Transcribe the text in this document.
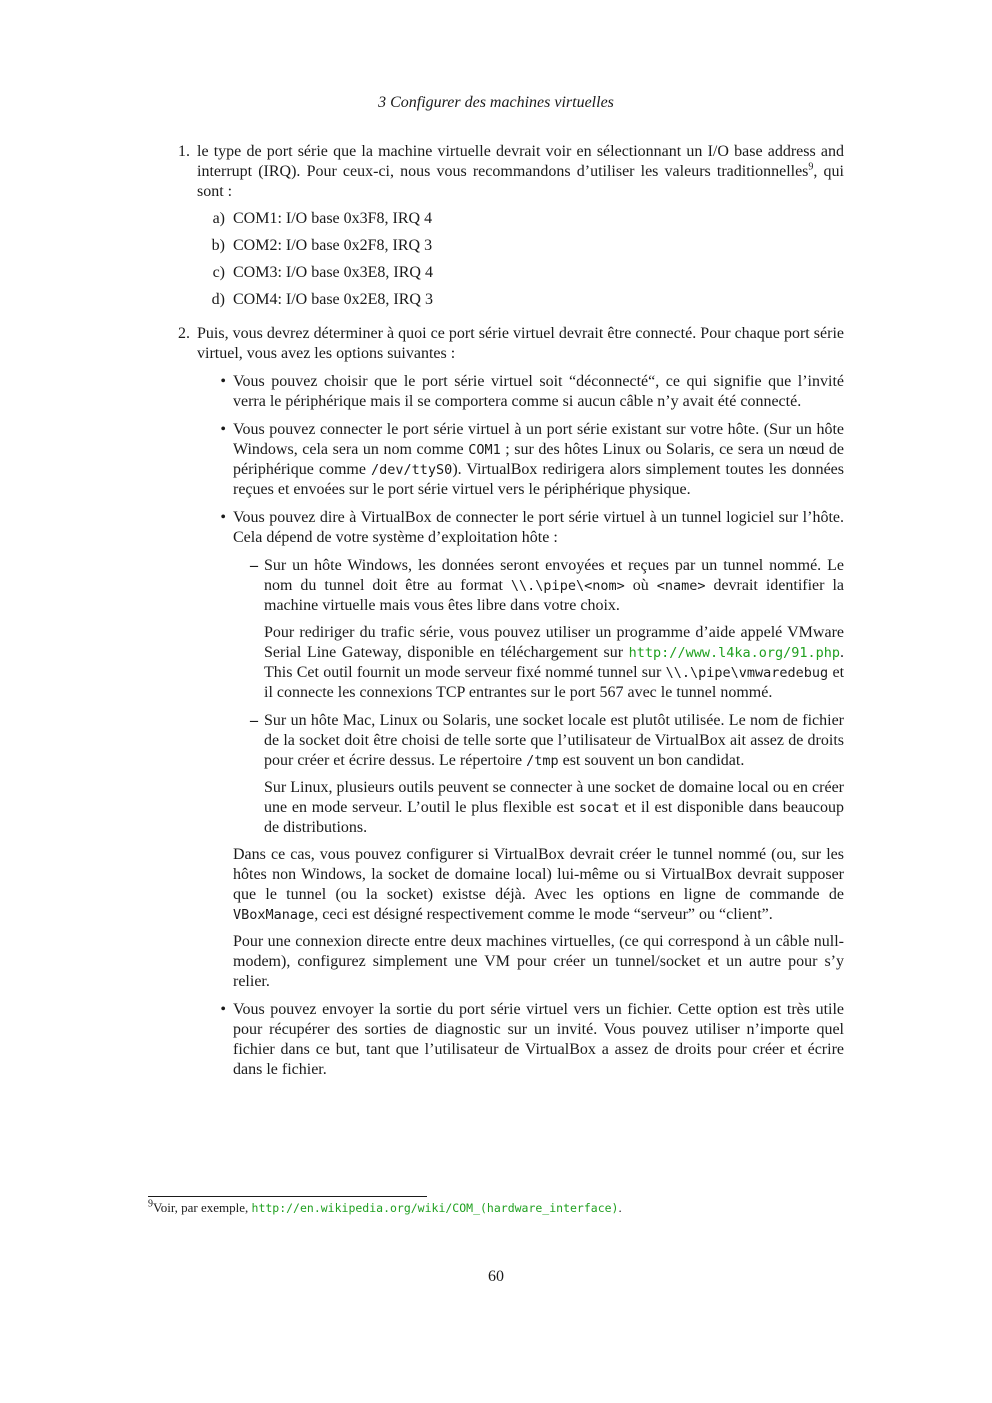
3 Configurer des machines virtuelles
1. le type de port série que la machine virtuelle devrait voir en sélectionnant un I/O base address and interrupt (IRQ). Pour ceux-ci, nous vous recommandons d’utiliser les valeurs traditionnelles$^9$, qui sont :

a) COM1: I/O base 0x3F8, IRQ 4
b) COM2: I/O base 0x2F8, IRQ 3
c) COM3: I/O base 0x3E8, IRQ 4
d) COM4: I/O base 0x2E8, IRQ 3
2. Puis, vous devrez déterminer à quoi ce port série virtuel devrait être connecté. Pour chaque port série virtuel, vous avez les options suivantes :

• Vous pouvez choisir que le port série virtuel soit “déconnecté“, ce qui signifie que l’invité verra le périphérique mais il se comportera comme si aucun câble n’y avait été connecté.
• Vous pouvez connecter le port série virtuel à un port série existant sur votre hôte. (Sur un hôte Windows, cela sera un nom comme COM1 ; sur des hôtes Linux ou Solaris, ce sera un nœud de périphérique comme /dev/ttyS0). VirtualBox redirigera alors simplement toutes les données reçues et envoées sur le port série virtuel vers le périphérique physique.
• Vous pouvez dire à VirtualBox de connecter le port série virtuel à un tunnel logiciel sur l’hôte. Cela dépend de votre système d’exploitation hôte :

– Sur un hôte Windows, les données seront envoyées et reçues par un tunnel nommé. Le nom du tunnel doit être au format \\.\pipe\<nom> où <name> devrait identifier la machine virtuelle mais vous êtes libre dans votre choix.

Pour rediriger du trafic série, vous pouvez utiliser un programme d’aide appelé VMware Serial Line Gateway, disponible en téléchargement sur http://www.l4ka.org/91.php. This Cet outil fournit un mode serveur fixé nommé tunnel sur \\.\pipe\vmwaredebug et il connecte les connexions TCP entrantes sur le port 567 avec le tunnel nommé.

– Sur un hôte Mac, Linux ou Solaris, une socket locale est plutôt utilisée. Le nom de fichier de la socket doit être choisi de telle sorte que l’utilisateur de VirtualBox ait assez de droits pour créer et écrire dessus. Le répertoire /tmp est souvent un bon candidat.

Sur Linux, plusieurs outils peuvent se connecter à une socket de domaine local ou en créer une en mode serveur. L’outil le plus flexible est socat et il est disponible dans beaucoup de distributions.

Dans ce cas, vous pouvez configurer si VirtualBox devrait créer le tunnel nommé (ou, sur les hôtes non Windows, la socket de domaine local) lui-même ou si VirtualBox devrait supposer que le tunnel (ou la socket) existse déjà. Avec les options en ligne de commande de VBoxManage, ceci est désigné respectivement comme le mode “serveur” ou “client”.

Pour une connexion directe entre deux machines virtuelles, (ce qui correspond à un câble null-modem), configurez simplement une VM pour créer un tunnel/socket et un autre pour s’y relier.

• Vous pouvez envoyer la sortie du port série virtuel vers un fichier. Cette option est très utile pour récupérer des sorties de diagnostic sur un invité. Vous pouvez utiliser n’importe quel fichier dans ce but, tant que l’utilisateur de VirtualBox a assez de droits pour créer et écrire dans le fichier.
$^9$Voir, par exemple, http://en.wikipedia.org/wiki/COM_(hardware_interface).
60
